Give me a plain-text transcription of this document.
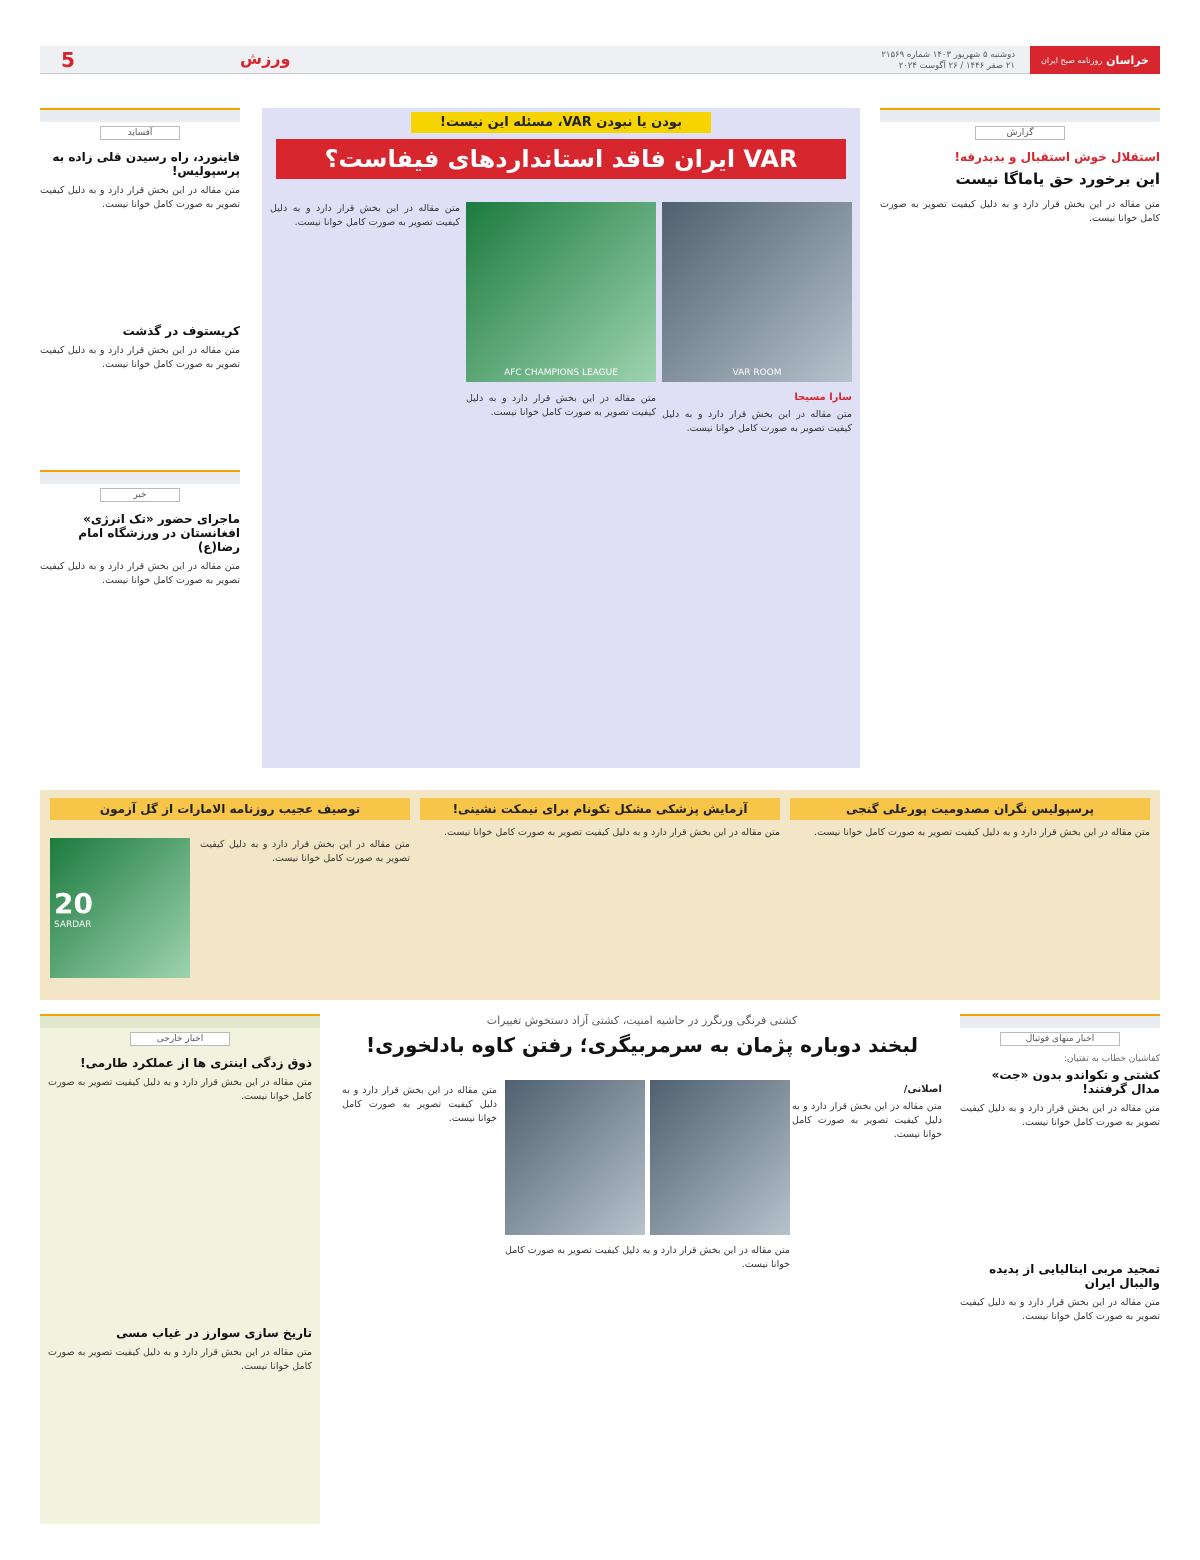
خراسان

روزنامه صبح ایران
دوشنبه ۵ شهریور ۱۴۰۳ شماره ۲۱۵۶۹
۲۱ صفر ۱۴۴۶ / ۲۶ آگوست ۲۰۲۴
ورزش
5
گزارش
استقلال خوش استقبال و بدبدرقه!
این برخورد حق یاماگا نیست
متن مقاله در این بخش قرار دارد و به دلیل کیفیت تصویر به صورت کامل خوانا نیست.
بودن یا نبودن VAR، مسئله این نیست!
VAR ایران فاقد استانداردهای فیفاست؟
VAR ROOM
AFC CHAMPIONS LEAGUE
متن مقاله در این بخش قرار دارد و به دلیل کیفیت تصویر به صورت کامل خوانا نیست.
متن مقاله در این بخش قرار دارد و به دلیل کیفیت تصویر به صورت کامل خوانا نیست.
سارا مسیحا
متن مقاله در این بخش قرار دارد و به دلیل کیفیت تصویر به صورت کامل خوانا نیست.
آفساید
فاینورد، راه رسیدن قلی زاده به پرسپولیس!
متن مقاله در این بخش قرار دارد و به دلیل کیفیت تصویر به صورت کامل خوانا نیست.
کریستوف در گذشت
متن مقاله در این بخش قرار دارد و به دلیل کیفیت تصویر به صورت کامل خوانا نیست.
خبر
ماجرای حضور «تک انرژی» افغانستان در ورزشگاه امام رضا(ع)
متن مقاله در این بخش قرار دارد و به دلیل کیفیت تصویر به صورت کامل خوانا نیست.
پرسپولیس نگران مصدومیت پورعلی گنجی
متن مقاله در این بخش قرار دارد و به دلیل کیفیت تصویر به صورت کامل خوانا نیست.
آزمایش پزشکی مشکل تکونام برای نیمکت نشینی!
متن مقاله در این بخش قرار دارد و به دلیل کیفیت تصویر به صورت کامل خوانا نیست.
توصیف عجیب روزنامه الامارات از گل آزمون
20
SARDAR
متن مقاله در این بخش قرار دارد و به دلیل کیفیت تصویر به صورت کامل خوانا نیست.
کشتی فرنگی ورنگرز در حاشیه امنیت، کشتی آزاد دستخوش تغییرات
لبخند دوباره پژمان به سرمربیگری؛ رفتن کاوه بادلخوری!
اصلانی/
متن مقاله در این بخش قرار دارد و به دلیل کیفیت تصویر به صورت کامل خوانا نیست.
متن مقاله در این بخش قرار دارد و به دلیل کیفیت تصویر به صورت کامل خوانا نیست.
متن مقاله در این بخش قرار دارد و به دلیل کیفیت تصویر به صورت کامل خوانا نیست.
اخبار منهای فوتبال
کفاشیان خطاب به تفتیان:
کشتی و تکواندو بدون «جت» مدال گرفتند!
متن مقاله در این بخش قرار دارد و به دلیل کیفیت تصویر به صورت کامل خوانا نیست.
تمجید مربی ایتالیایی از پدیده والیبال ایران
متن مقاله در این بخش قرار دارد و به دلیل کیفیت تصویر به صورت کامل خوانا نیست.
اخبار خارجی
ذوق زدگی اینتری ها از عملکرد طارمی!
متن مقاله در این بخش قرار دارد و به دلیل کیفیت تصویر به صورت کامل خوانا نیست.
تاریخ سازی سوارز در غیاب مسی
متن مقاله در این بخش قرار دارد و به دلیل کیفیت تصویر به صورت کامل خوانا نیست.
